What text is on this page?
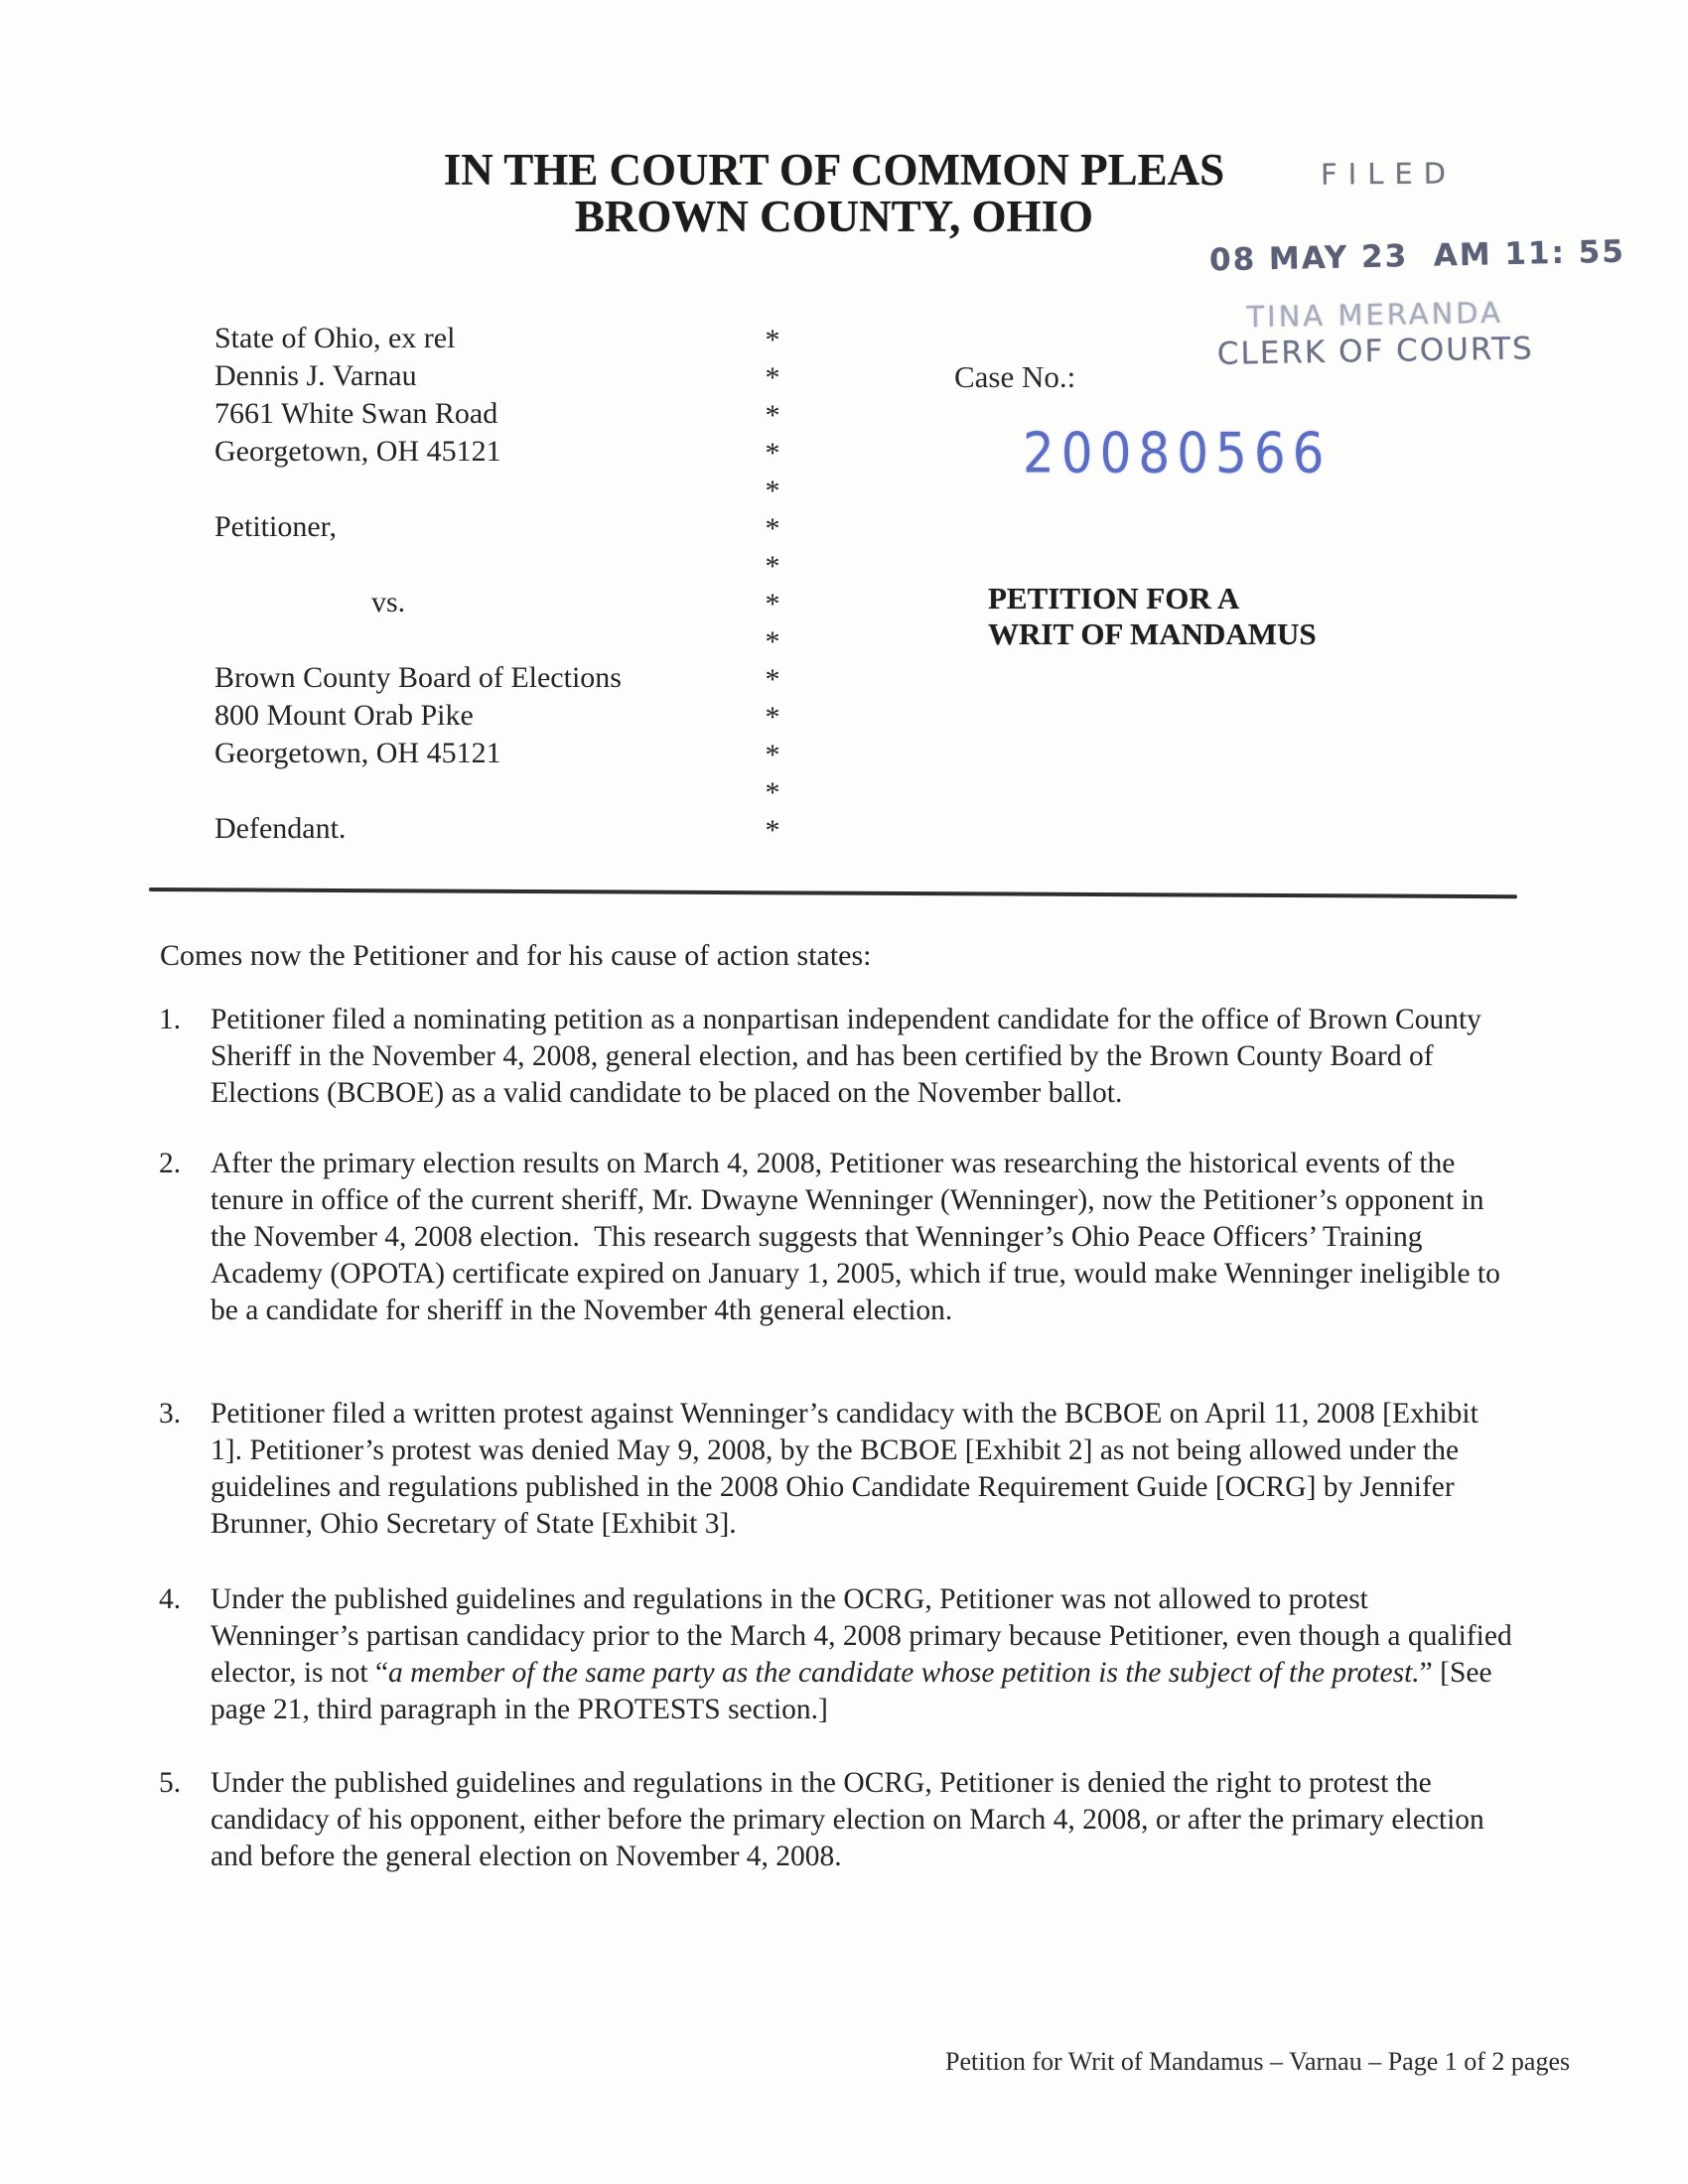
IN THE COURT OF COMMON PLEAS
BROWN COUNTY, OHIO
FILED
08 MAY 23  AM 11: 55
TINA MERANDA
CLERK OF COURTS
Case No.:
20080566
State of Ohio, ex rel
Dennis J. Varnau
7661 White Swan Road
Georgetown, OH 45121
Petitioner,
vs.
Brown County Board of Elections
800 Mount Orab Pike
Georgetown, OH 45121
Defendant.
*
*
*
*
*
*
*
*
*
*
*
*
*
*
PETITION FOR A
WRIT OF MANDAMUS
Comes now the Petitioner and for his cause of action states:
1.	Petitioner filed a nominating petition as a nonpartisan independent candidate for the office of Brown County Sheriff in the November 4, 2008, general election, and has been certified by the Brown County Board of Elections (BCBOE) as a valid candidate to be placed on the November ballot.
2.	After the primary election results on March 4, 2008, Petitioner was researching the historical events of the tenure in office of the current sheriff, Mr. Dwayne Wenninger (Wenninger), now the Petitioner’s opponent in the November 4, 2008 election.  This research suggests that Wenninger’s Ohio Peace Officers’ Training Academy (OPOTA) certificate expired on January 1, 2005, which if true, would make Wenninger ineligible to be a candidate for sheriff in the November 4th general election.
3.	Petitioner filed a written protest against Wenninger’s candidacy with the BCBOE on April 11, 2008 [Exhibit 1]. Petitioner’s protest was denied May 9, 2008, by the BCBOE [Exhibit 2] as not being allowed under the guidelines and regulations published in the 2008 Ohio Candidate Requirement Guide [OCRG] by Jennifer Brunner, Ohio Secretary of State [Exhibit 3].
4.	Under the published guidelines and regulations in the OCRG, Petitioner was not allowed to protest Wenninger’s partisan candidacy prior to the March 4, 2008 primary because Petitioner, even though a qualified elector, is not “a member of the same party as the candidate whose petition is the subject of the protest.” [See page 21, third paragraph in the PROTESTS section.]
5.	Under the published guidelines and regulations in the OCRG, Petitioner is denied the right to protest the candidacy of his opponent, either before the primary election on March 4, 2008, or after the primary election and before the general election on November 4, 2008.
Petition for Writ of Mandamus – Varnau – Page 1 of 2 pages
